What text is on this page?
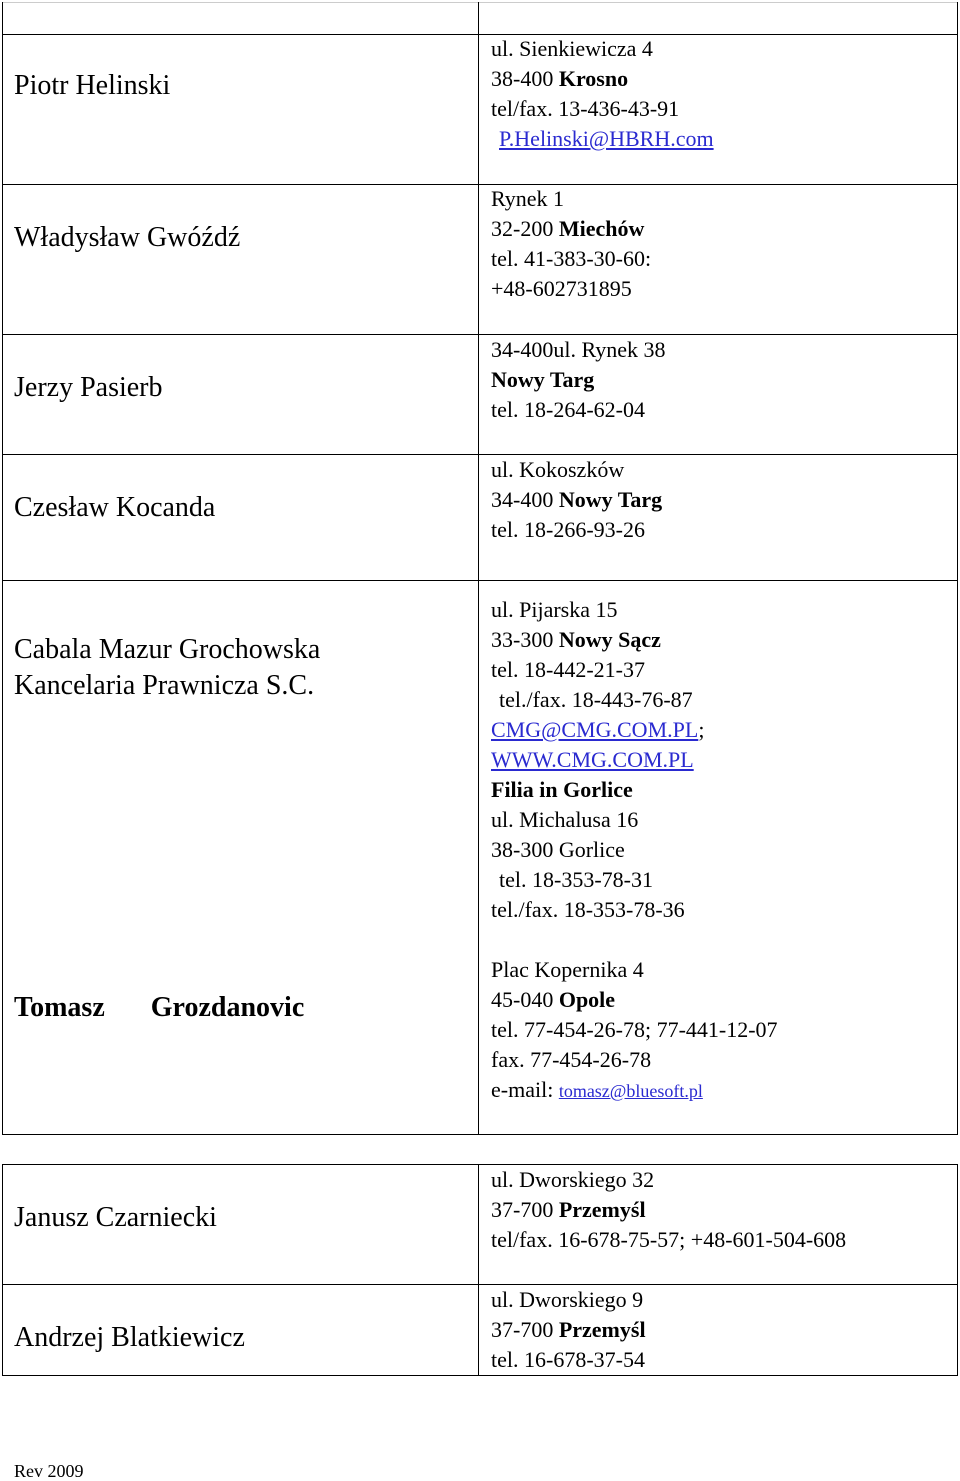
Piotr Helinski
ul. Sienkiewicza 4
38-400 Krosno
tel/fax. 13-436-43-91
P.Helinski@HBRH.com
Władysław Gwóźdź
Rynek 1
32-200 Miechów
tel. 41-383-30-60:
+48-602731895
Jerzy Pasierb
34-400ul. Rynek 38
Nowy Targ
tel. 18-264-62-04
Czesław Kocanda
ul. Kokoszków
34-400 Nowy Targ
tel. 18-266-93-26
Cabala Mazur Grochowska
Kancelaria Prawnicza S.C.
ul. Pijarska 15
33-300 Nowy Sącz
tel. 18-442-21-37
tel./fax. 18-443-76-87
CMG@CMG.COM.PL;
WWW.CMG.COM.PL
Filia in Gorlice
ul. Michalusa 16
38-300 Gorlice
tel. 18-353-78-31
tel./fax. 18-353-78-36
Tomasz Grozdanovic
Plac Kopernika 4
45-040 Opole
tel. 77-454-26-78; 77-441-12-07
fax. 77-454-26-78
e-mail: tomasz@bluesoft.pl
Janusz Czarniecki
ul. Dworskiego 32
37-700 Przemyśl
tel/fax. 16-678-75-57; +48-601-504-608
Andrzej Blatkiewicz
ul. Dworskiego 9
37-700 Przemyśl
tel. 16-678-37-54
Rev 2009
